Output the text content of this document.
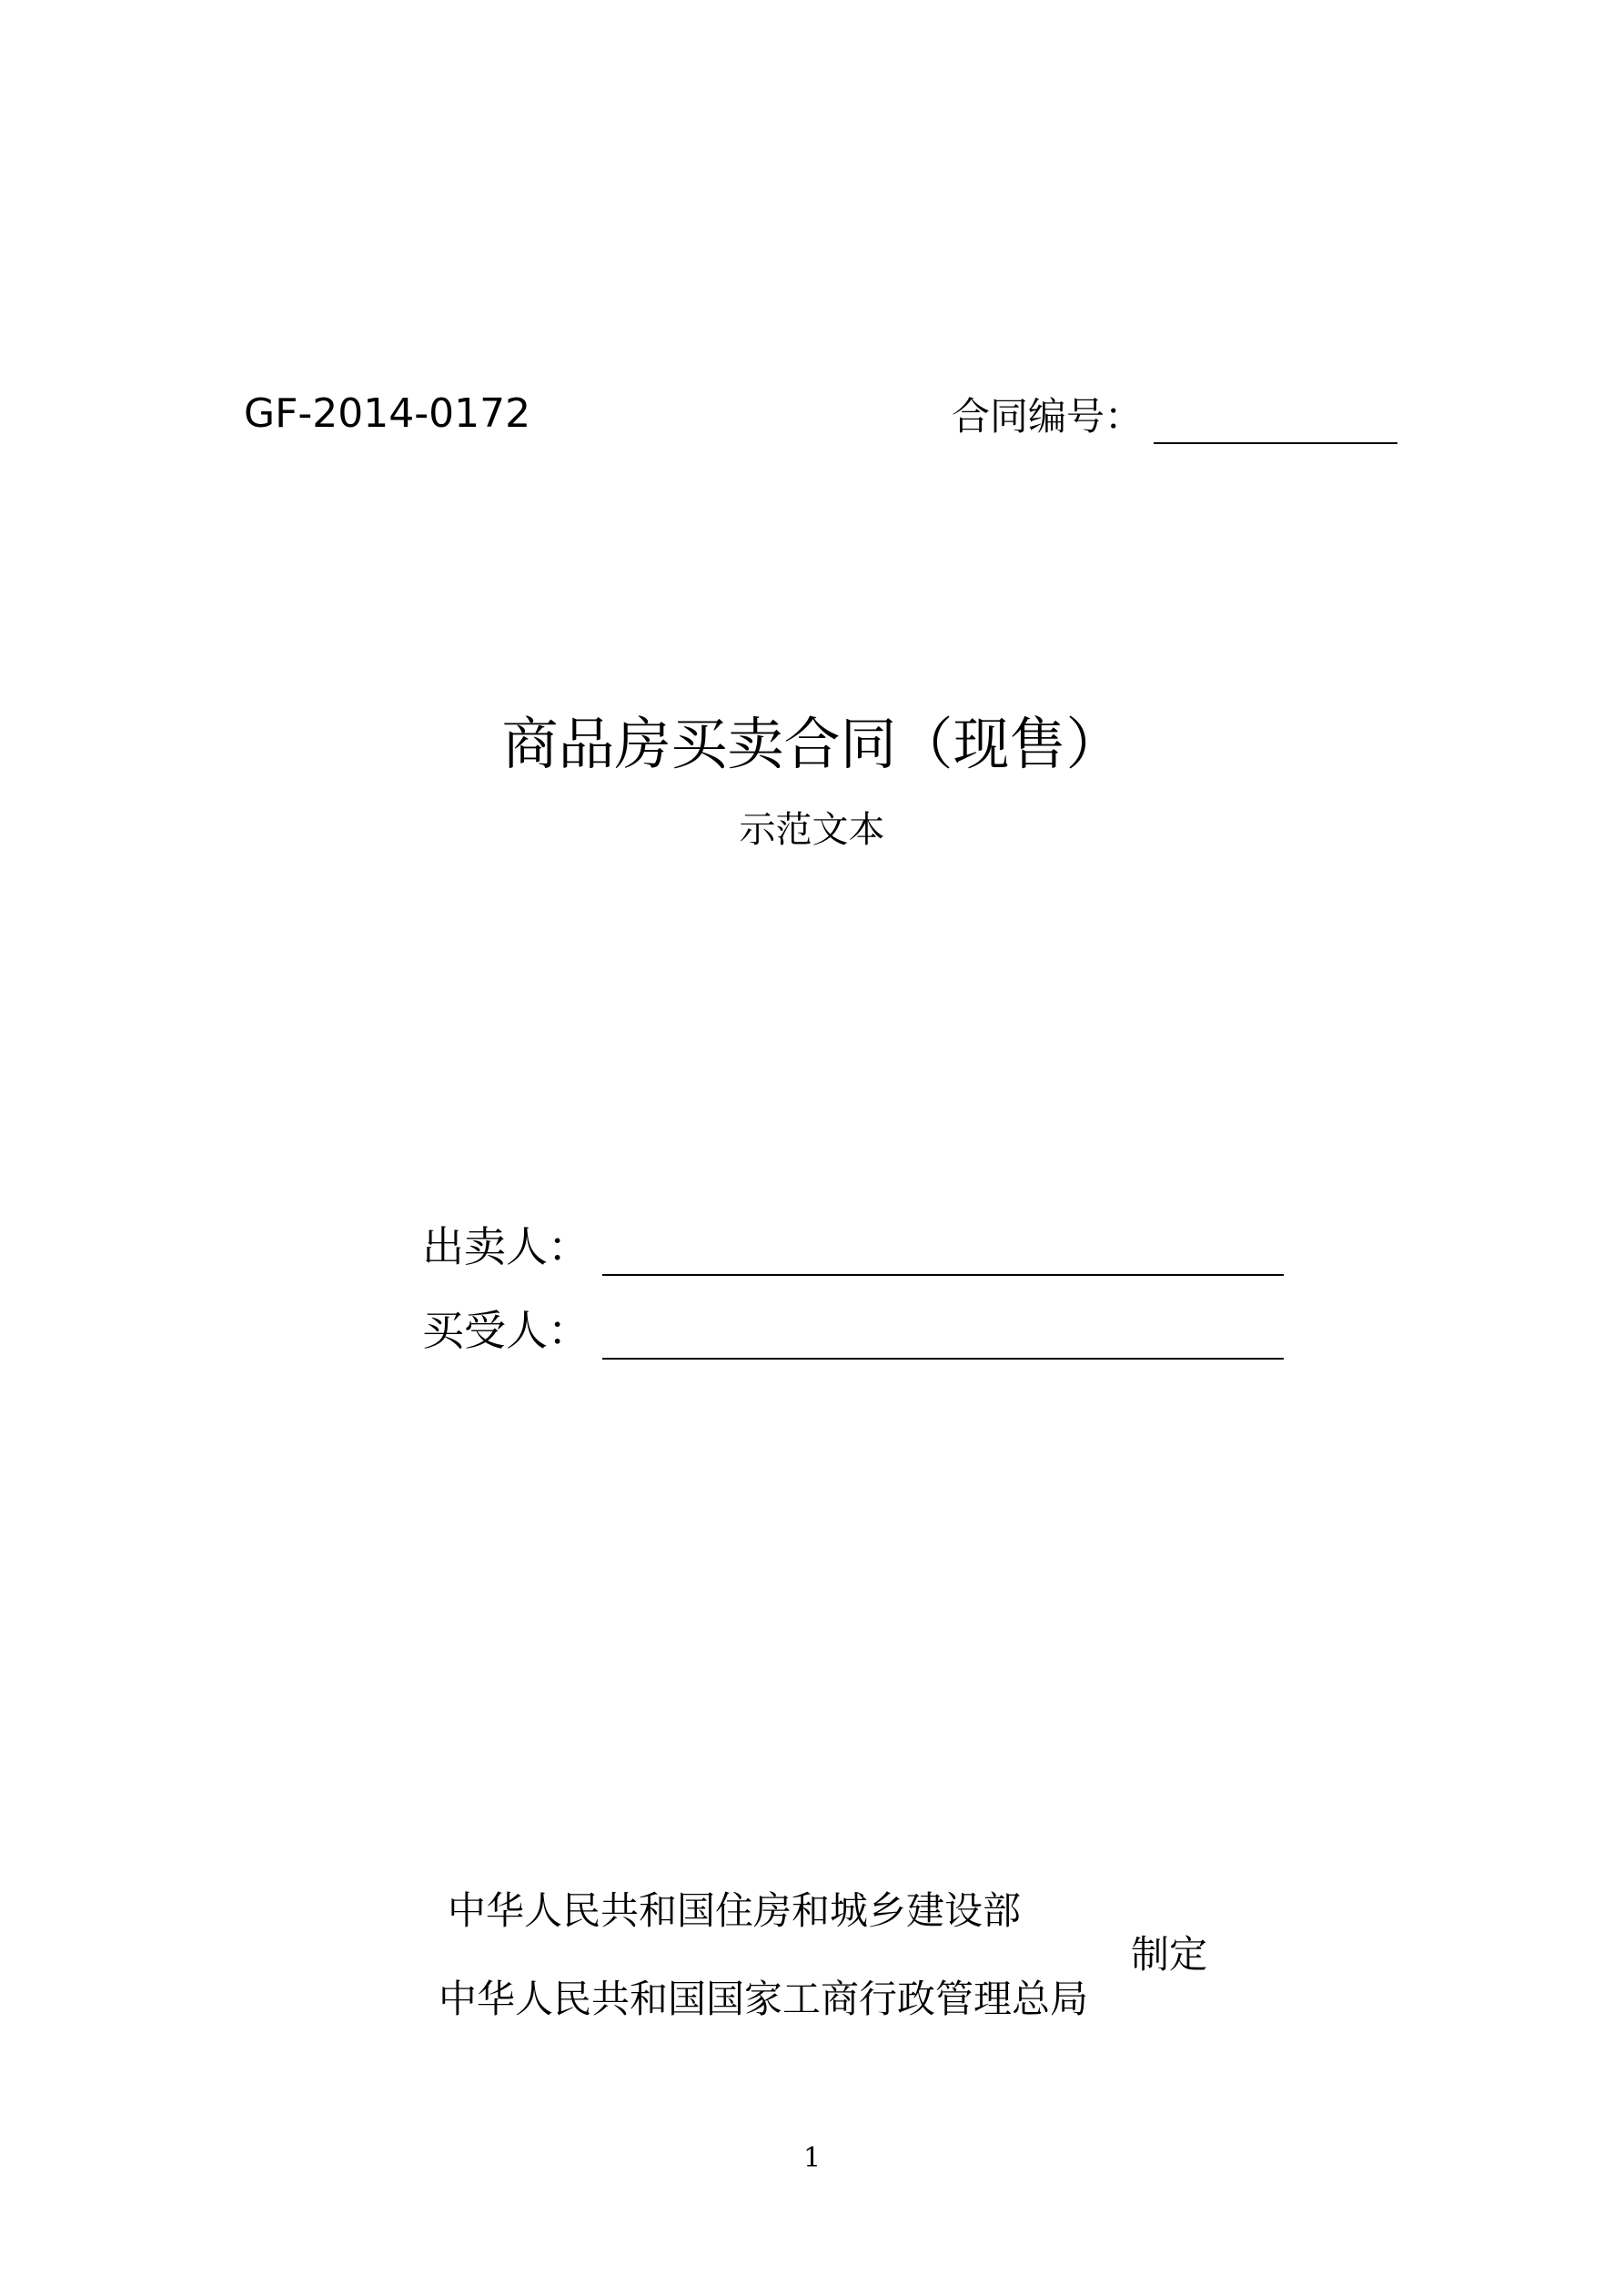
GF-2014-0172	合同编号：
商品房买卖合同（现售）
示范文本
出卖人：
买受人：
中华人民共和国住房和城乡建设部
中华人民共和国国家工商行政管理总局
制定
1
